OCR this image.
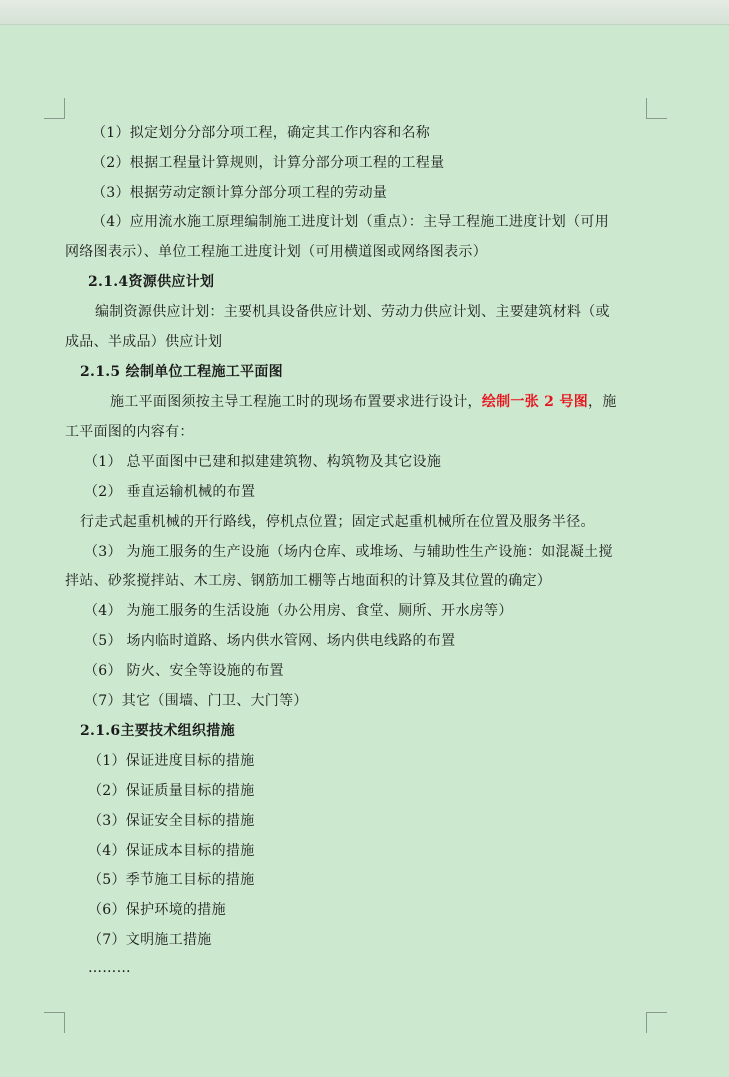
（1）拟定划分分部分项工程，确定其工作内容和名称
（2）根据工程量计算规则，计算分部分项工程的工程量
（3）根据劳动定额计算分部分项工程的劳动量
（4）应用流水施工原理编制施工进度计划（重点）：主导工程施工进度计划（可用
网络图表示）、单位工程施工进度计划（可用横道图或网络图表示）
2.1.4资源供应计划
编制资源供应计划：主要机具设备供应计划、劳动力供应计划、主要建筑材料（或
成品、半成品）供应计划
2.1.5 绘制单位工程施工平面图
施工平面图须按主导工程施工时的现场布置要求进行设计，绘制一张 2 号图，施
工平面图的内容有：
（1） 总平面图中已建和拟建建筑物、构筑物及其它设施
（2） 垂直运输机械的布置
行走式起重机械的开行路线，停机点位置；固定式起重机械所在位置及服务半径。
（3） 为施工服务的生产设施（场内仓库、或堆场、与辅助性生产设施：如混凝土搅
拌站、砂浆搅拌站、木工房、钢筋加工棚等占地面积的计算及其位置的确定）
（4） 为施工服务的生活设施（办公用房、食堂、厕所、开水房等）
（5） 场内临时道路、场内供水管网、场内供电线路的布置
（6） 防火、安全等设施的布置
（7）其它（围墙、门卫、大门等）
2.1.6主要技术组织措施
（1）保证进度目标的措施
（2）保证质量目标的措施
（3）保证安全目标的措施
（4）保证成本目标的措施
（5）季节施工目标的措施
（6）保护环境的措施
（7）文明施工措施
………
